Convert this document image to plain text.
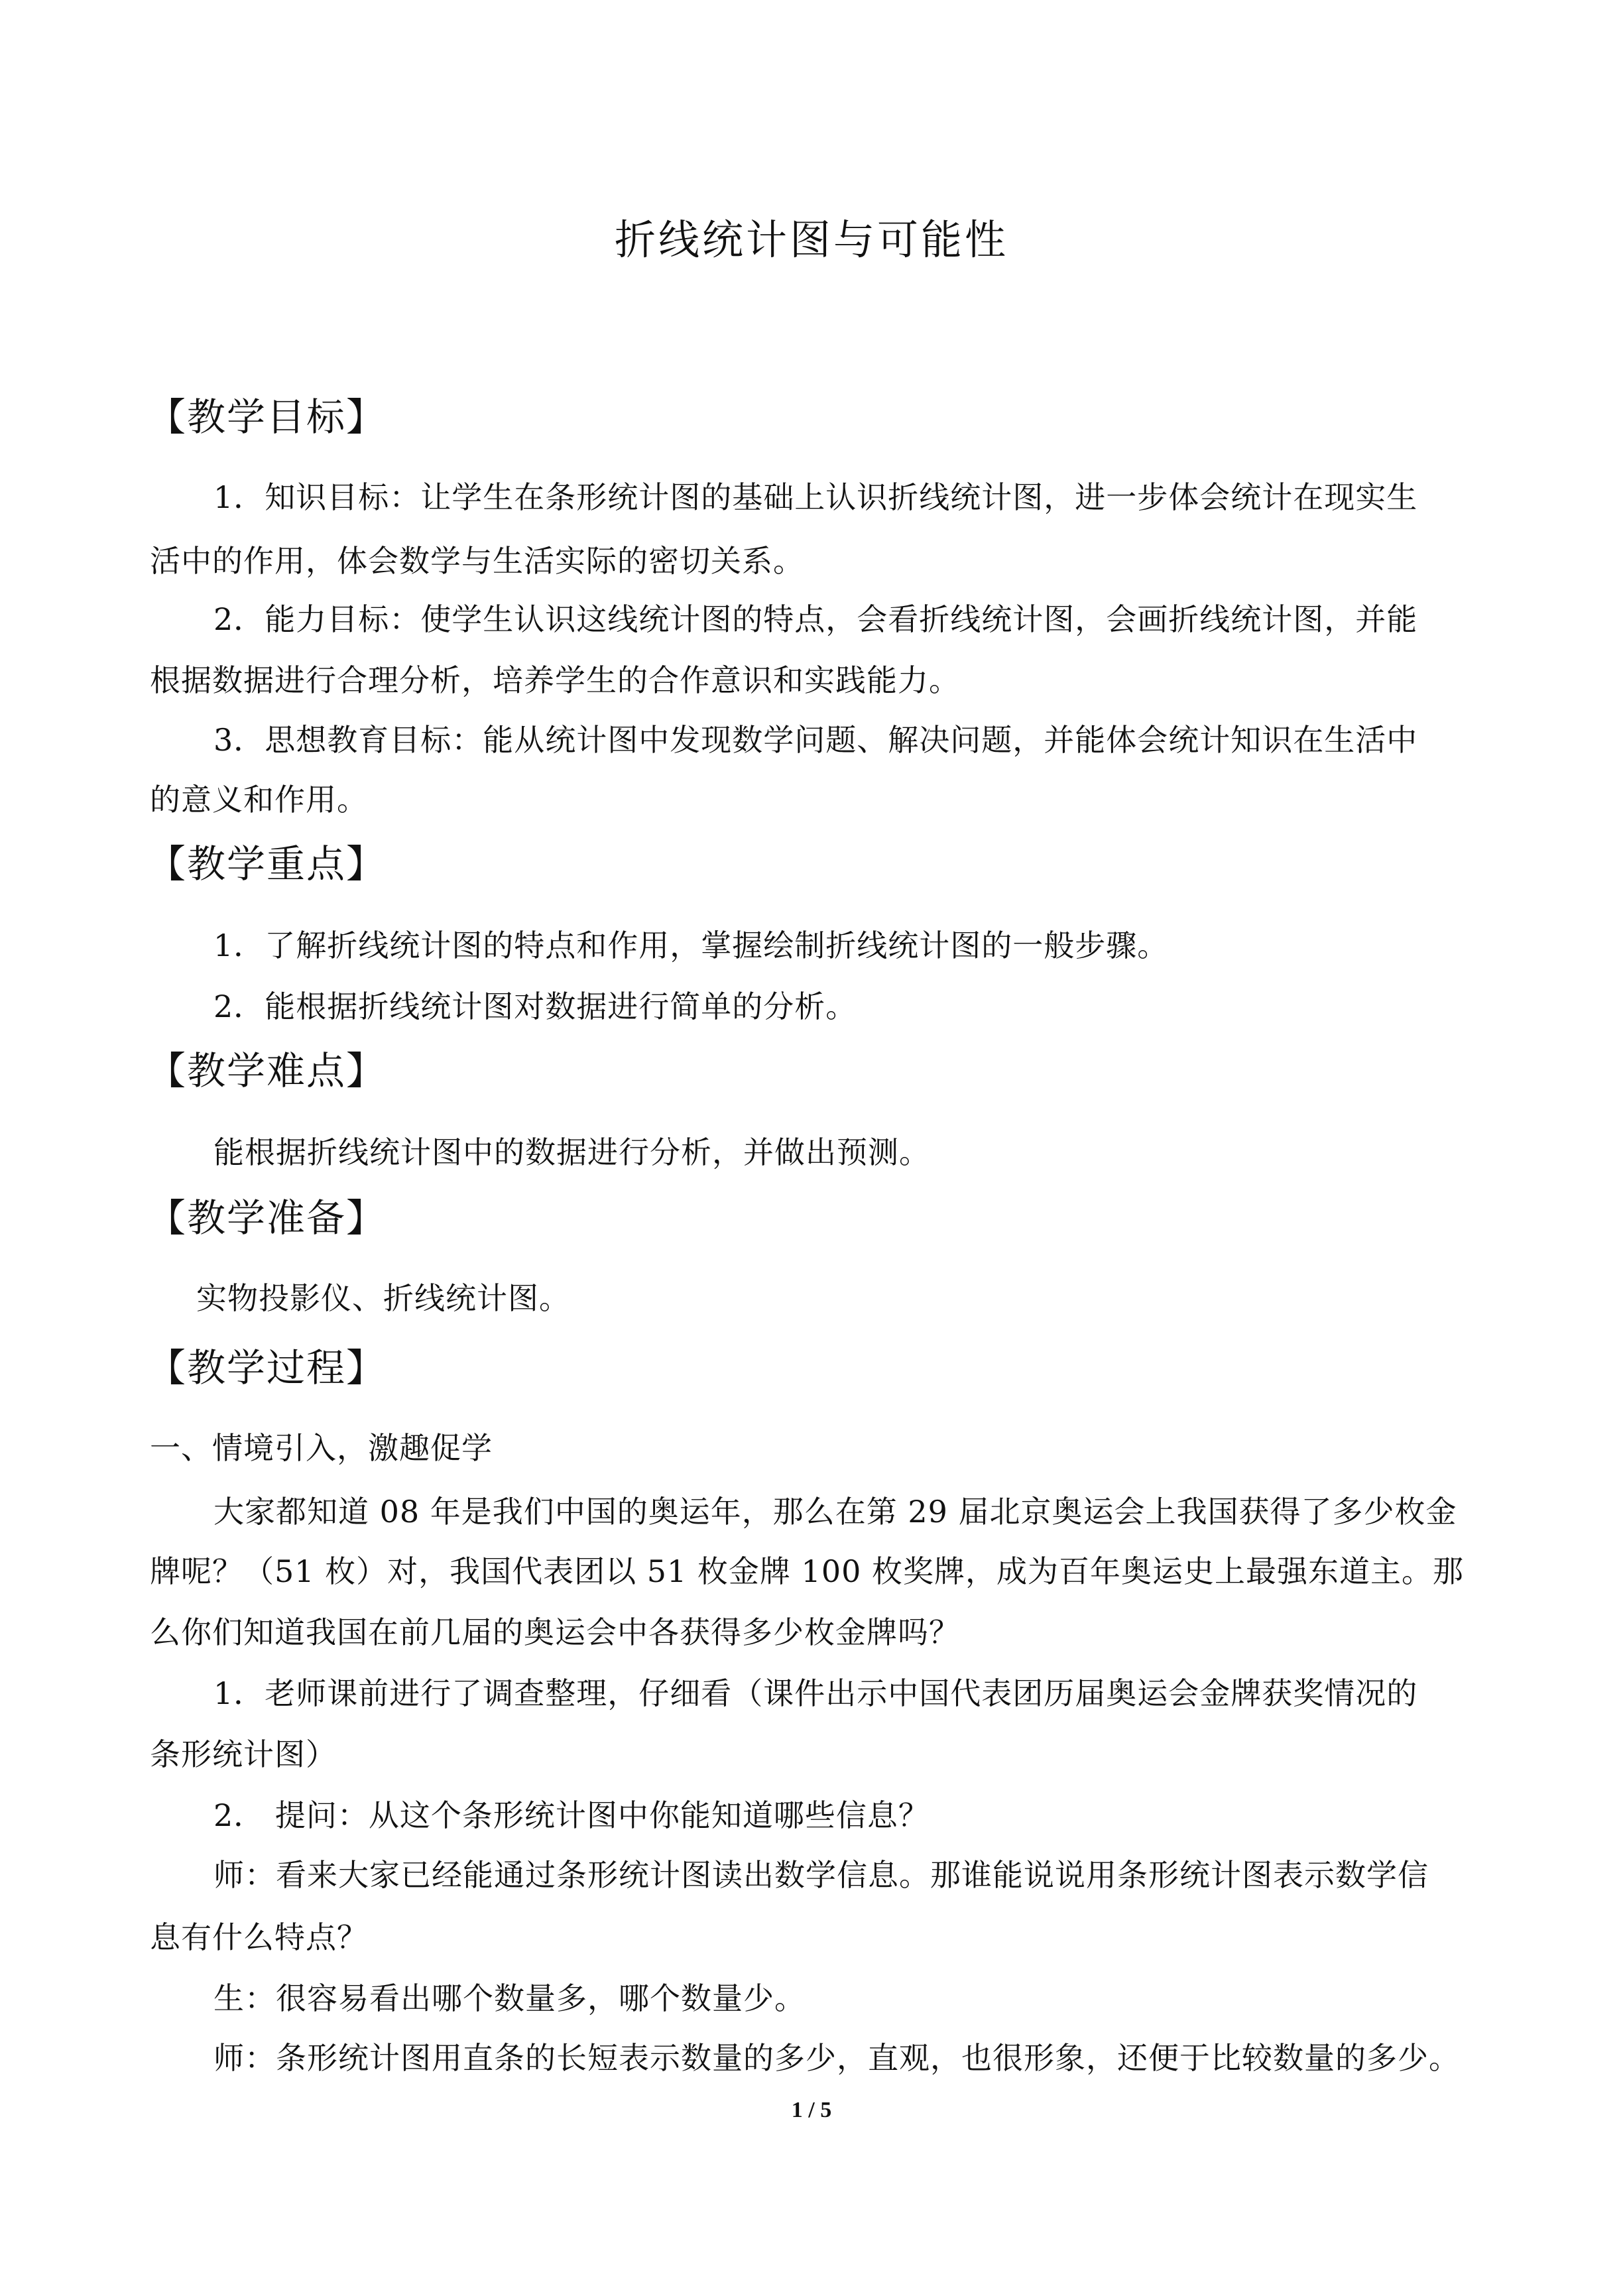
折线统计图与可能性
【教学目标】
1．知识目标：让学生在条形统计图的基础上认识折线统计图，进一步体会统计在现实生
活中的作用，体会数学与生活实际的密切关系。
2．能力目标：使学生认识这线统计图的特点，会看折线统计图，会画折线统计图，并能
根据数据进行合理分析，培养学生的合作意识和实践能力。
3．思想教育目标：能从统计图中发现数学问题、解决问题，并能体会统计知识在生活中
的意义和作用。
【教学重点】
1．了解折线统计图的特点和作用，掌握绘制折线统计图的一般步骤。
2．能根据折线统计图对数据进行简单的分析。
【教学难点】
能根据折线统计图中的数据进行分析，并做出预测。
【教学准备】
实物投影仪、折线统计图。
【教学过程】
一、情境引入，激趣促学
大家都知道 08 年是我们中国的奥运年，那么在第 29 届北京奥运会上我国获得了多少枚金
牌呢？（51 枚）对，我国代表团以 51 枚金牌 100 枚奖牌，成为百年奥运史上最强东道主。那
么你们知道我国在前几届的奥运会中各获得多少枚金牌吗？
1．老师课前进行了调查整理，仔细看（课件出示中国代表团历届奥运会金牌获奖情况的
条形统计图）
2． 提问：从这个条形统计图中你能知道哪些信息？
师：看来大家已经能通过条形统计图读出数学信息。那谁能说说用条形统计图表示数学信
息有什么特点？
生：很容易看出哪个数量多，哪个数量少。
师：条形统计图用直条的长短表示数量的多少，直观，也很形象，还便于比较数量的多少。
1 / 5
